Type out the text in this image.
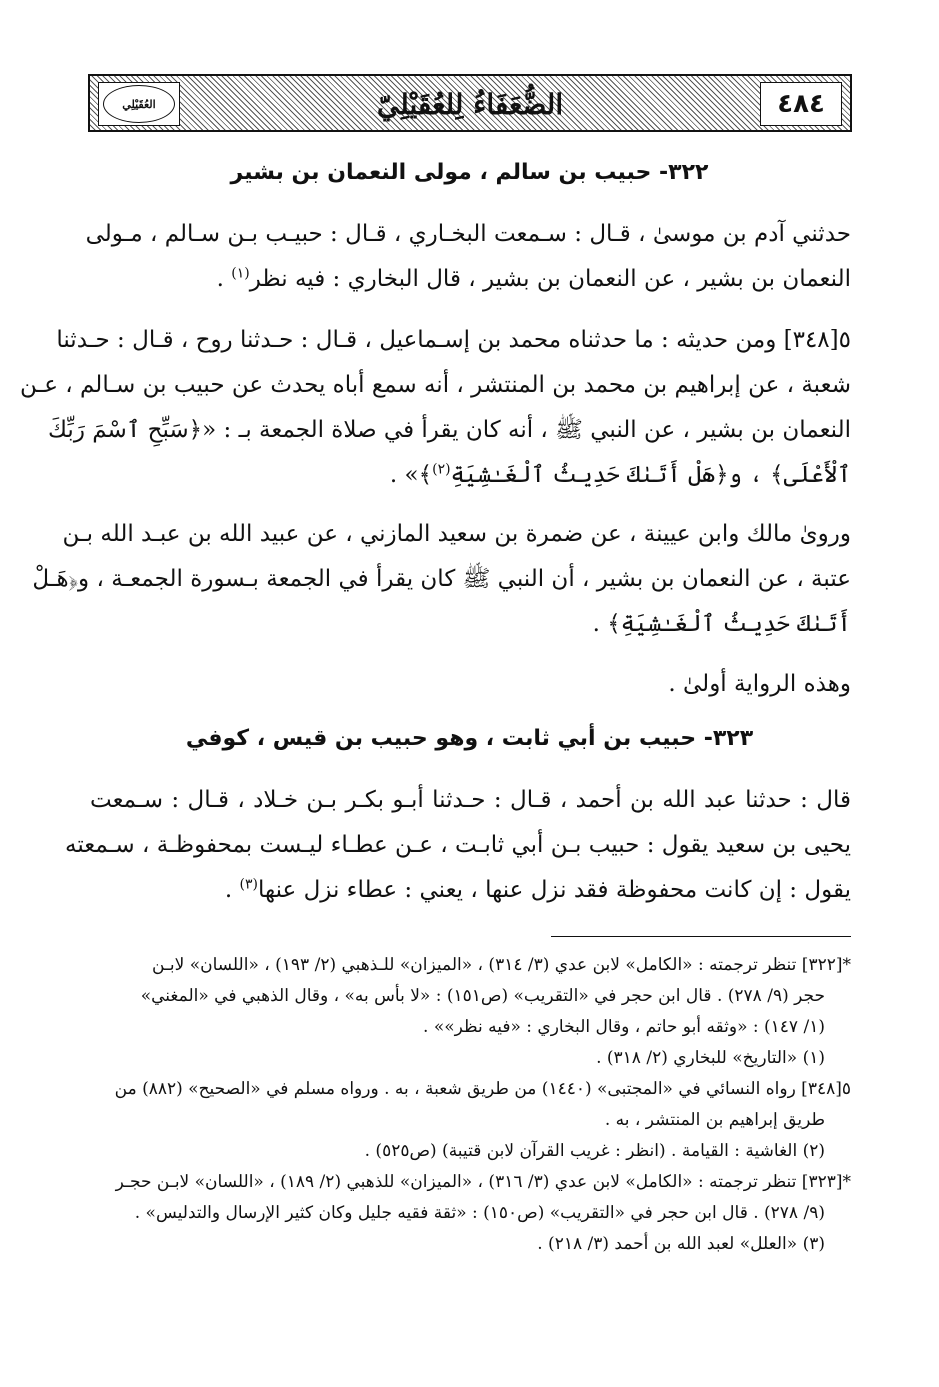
٤٨٤
الضُّعَفَاءُ لِلعُقَيْلِيّ
العُقَيْلِي
٣٢٢- حبيب بن سالم ، مولى النعمان بن بشير
حدثني آدم بن موسىٰ ، قـال : سـمعت البخـاري ، قـال : حبيـب بـن سـالم ، مـولى
النعمان بن بشير ، عن النعمان بن بشير ، قال البخاري : فيه نظر$^{(١)}$ .
٥[٣٤٨] ومن حديثه : ما حدثناه محمد بن إسـماعيل ، قـال : حـدثنا روح ، قـال : حـدثنا
شعبة ، عن إبراهيم بن محمد بن المنتشر ، أنه سمع أباه يحدث عن حبيب بن سـالم ، عـن
النعمان بن بشير ، عن النبي ﷺ ، أنه كان يقرأ في صلاة الجمعة بـ : «﴿سَبِّحِ ٱسْمَ رَبِّكَ
ٱلْأَعْلَى﴾ ، و﴿هَلْ أَتَىٰكَ حَدِيثُ ٱلْغَـٰشِيَةِ$^{(٢)}$﴾» .
وروىٰ مالك وابن عيينة ، عن ضمرة بن سعيد المازني ، عن عبيد الله بن عبـد الله بـن
عتبة ، عن النعمان بن بشير ، أن النبي ﷺ كان يقرأ في الجمعة بـسورة الجمعـة ، و﴿هَـلْ
أَتَىٰكَ حَدِيثُ ٱلْغَـٰشِيَةِ﴾ .
وهذه الرواية أولىٰ .
٣٢٣- حبيب بن أبي ثابت ، وهو حبيب بن قيس ، كوفي
قال : حدثنا عبد الله بن أحمد ، قـال : حـدثنا أبـو بكـر بـن خـلاد ، قـال : سـمعت
يحيى بن سعيد يقول : حبيب بـن أبي ثابـت ، عـن عطـاء ليـست بمحفوظـة ، سـمعته
يقول : إن كانت محفوظة فقد نزل عنها ، يعني : عطاء نزل عنها$^{(٣)}$ .
*[٣٢٢] تنظر ترجمته : «الكامل» لابن عدي (٣/ ٣١٤) ، «الميزان» للـذهبي (٢/ ١٩٣) ، «اللسان» لابـن
حجر (٩/ ٢٧٨) . قال ابن حجر في «التقريب» (ص١٥١) : «لا بأس به» ، وقال الذهبي في «المغني»
(١/ ١٤٧) : «وثقه أبو حاتم ، وقال البخاري : «فيه نظر»» .
(١) «التاريخ» للبخاري (٢/ ٣١٨) .
٥[٣٤٨] رواه النسائي في «المجتبى» (١٤٤٠) من طريق شعبة ، به . ورواه مسلم في «الصحيح» (٨٨٢) من
طريق إبراهيم بن المنتشر ، به .
(٢) الغاشية : القيامة . (انظر : غريب القرآن لابن قتيبة) (ص٥٢٥) .
*[٣٢٣] تنظر ترجمته : «الكامل» لابن عدي (٣/ ٣١٦) ، «الميزان» للذهبي (٢/ ١٨٩) ، «اللسان» لابـن حجـر
(٩/ ٢٧٨) . قال ابن حجر في «التقريب» (ص١٥٠) : «ثقة فقيه جليل وكان كثير الإرسال والتدليس» .
(٣) «العلل» لعبد الله بن أحمد (٣/ ٢١٨) .
